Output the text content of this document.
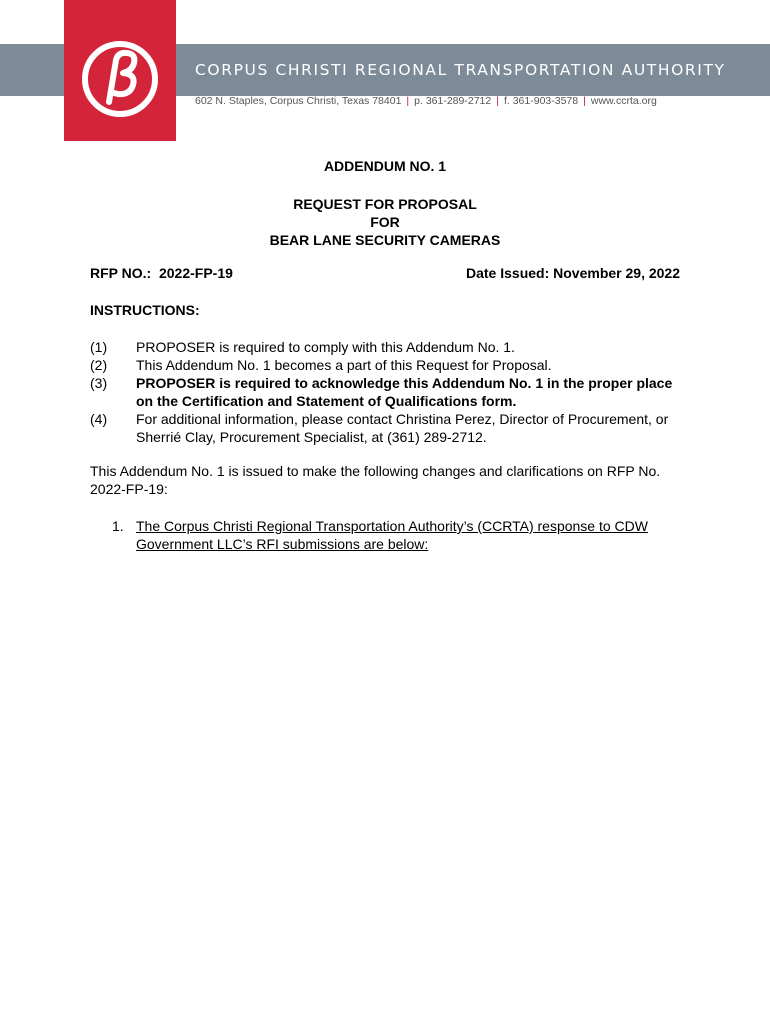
CORPUS CHRISTI REGIONAL TRANSPORTATION AUTHORITY
602 N. Staples, Corpus Christi, Texas 78401 | p. 361-289-2712 | f. 361-903-3578 | www.ccrta.org
ADDENDUM NO. 1
REQUEST FOR PROPOSAL
FOR
BEAR LANE SECURITY CAMERAS
RFP NO.:  2022-FP-19	Date Issued: November 29, 2022
INSTRUCTIONS:
(1) PROPOSER is required to comply with this Addendum No. 1.
(2) This Addendum No. 1 becomes a part of this Request for Proposal.
(3) PROPOSER is required to acknowledge this Addendum No. 1 in the proper place on the Certification and Statement of Qualifications form.
(4) For additional information, please contact Christina Perez, Director of Procurement, or Sherrié Clay, Procurement Specialist, at (361) 289-2712.
This Addendum No. 1 is issued to make the following changes and clarifications on RFP No. 2022-FP-19:
1. The Corpus Christi Regional Transportation Authority’s (CCRTA) response to CDW Government LLC’s RFI submissions are below:
